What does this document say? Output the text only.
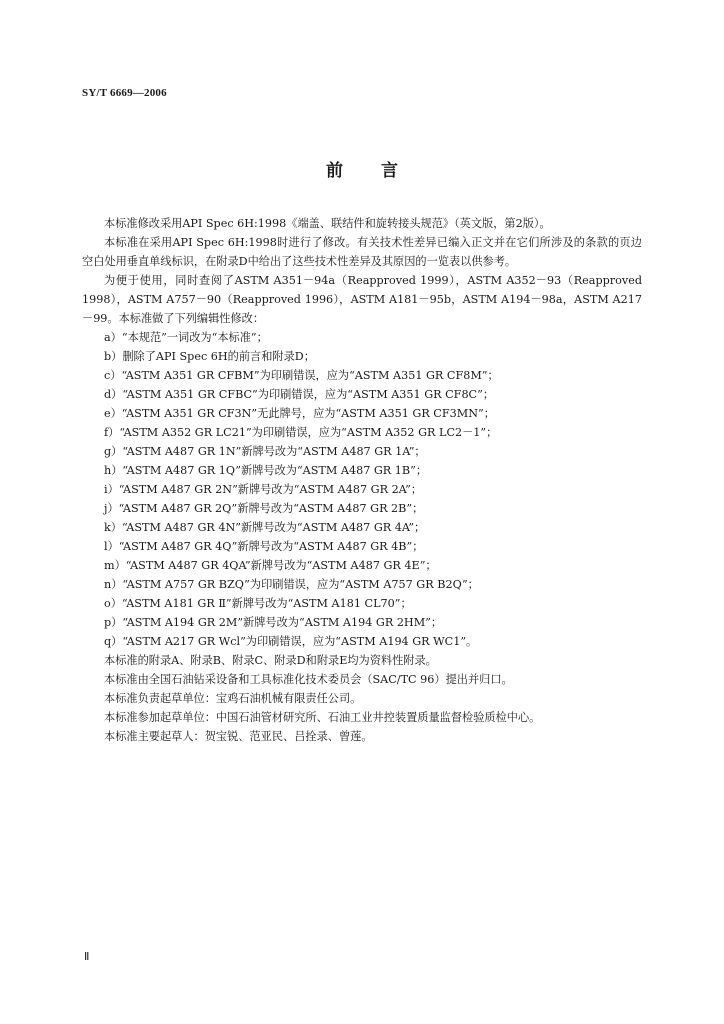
SY/T 6669—2006
前言

本标准修改采用API Spec 6H:1998《端盖、联结件和旋转接头规范》（英文版，第2版）。

本标准在采用API Spec 6H:1998时进行了修改。有关技术性差异已编入正文并在它们所涉及的条款的页边空白处用垂直单线标识，在附录D中给出了这些技术性差异及其原因的一览表以供参考。

为便于使用，同时查阅了ASTM A351－94a（Reapproved 1999），ASTM A352－93（Reapproved 1998），ASTM A757－90（Reapproved 1996），ASTM A181－95b，ASTM A194－98a，ASTM A217－99。本标准做了下列编辑性修改：

a）“本规范”一词改为“本标准”；

b）删除了API Spec 6H的前言和附录D；

c）“ASTM A351 GR CFBM”为印刷错误，应为“ASTM A351 GR CF8M”；

d）“ASTM A351 GR CFBC”为印刷错误，应为“ASTM A351 GR CF8C”；

e）“ASTM A351 GR CF3N”无此牌号，应为“ASTM A351 GR CF3MN”；

f）“ASTM A352 GR LC21”为印刷错误，应为“ASTM A352 GR LC2－1”；

g）“ASTM A487 GR 1N”新牌号改为“ASTM A487 GR 1A”；

h）“ASTM A487 GR 1Q”新牌号改为“ASTM A487 GR 1B”；

i）“ASTM A487 GR 2N”新牌号改为“ASTM A487 GR 2A”；

j）“ASTM A487 GR 2Q”新牌号改为“ASTM A487 GR 2B”；

k）“ASTM A487 GR 4N”新牌号改为“ASTM A487 GR 4A”；

l）“ASTM A487 GR 4Q”新牌号改为“ASTM A487 GR 4B”；

m）“ASTM A487 GR 4QA”新牌号改为“ASTM A487 GR 4E”；

n）“ASTM A757 GR BZQ”为印刷错误，应为“ASTM A757 GR B2Q”；

o）“ASTM A181 GR Ⅱ”新牌号改为“ASTM A181 CL70”；

p）“ASTM A194 GR 2M”新牌号改为“ASTM A194 GR 2HM”；

q）“ASTM A217 GR Wcl”为印刷错误，应为“ASTM A194 GR WC1”。

本标准的附录A、附录B、附录C、附录D和附录E均为资料性附录。

本标准由全国石油钻采设备和工具标准化技术委员会（SAC/TC 96）提出并归口。

本标准负责起草单位：宝鸡石油机械有限责任公司。

本标准参加起草单位：中国石油管材研究所、石油工业井控装置质量监督检验质检中心。

本标准主要起草人：贺宝锐、范亚民、吕拴录、曾莲。

Ⅱ
